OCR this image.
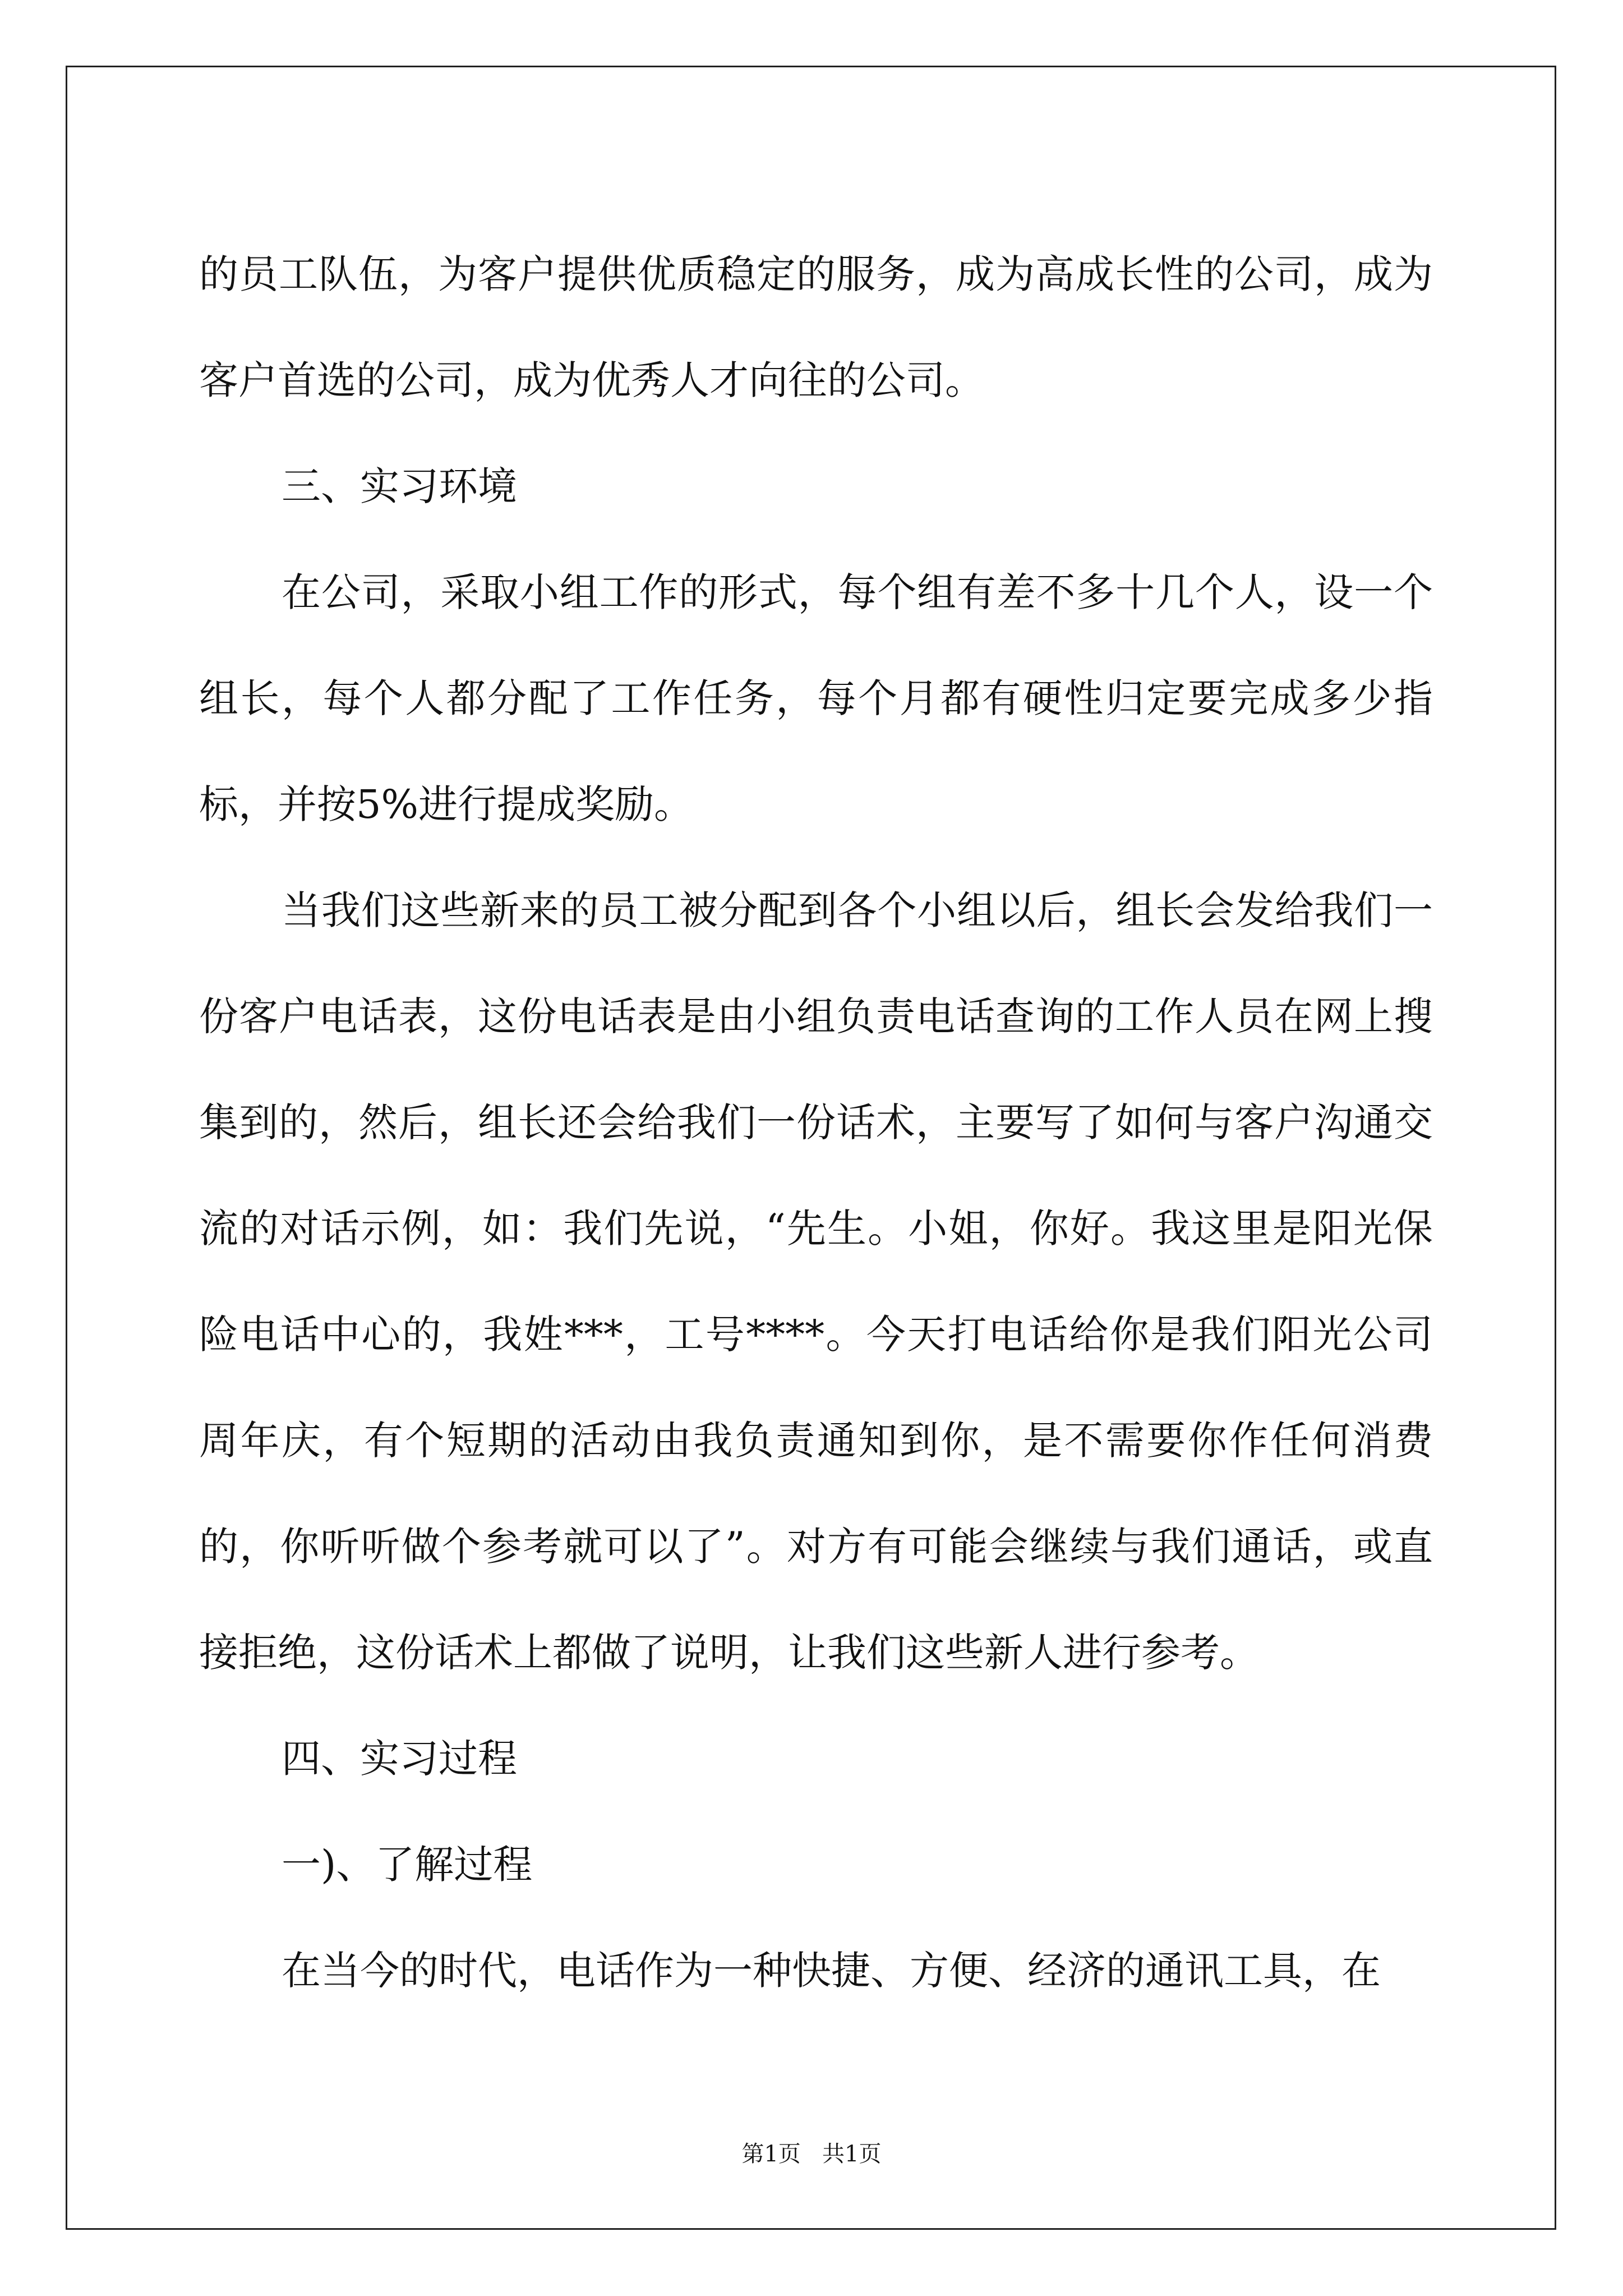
的员工队伍，为客户提供优质稳定的服务，成为高成长性的公司，成为客户首选的公司，成为优秀人才向往的公司。

三、实习环境

在公司，采取小组工作的形式，每个组有差不多十几个人，设一个组长，每个人都分配了工作任务，每个月都有硬性归定要完成多少指标，并按5%进行提成奖励。

当我们这些新来的员工被分配到各个小组以后，组长会发给我们一份客户电话表，这份电话表是由小组负责电话查询的工作人员在网上搜集到的，然后，组长还会给我们一份话术，主要写了如何与客户沟通交流的对话示例，如：我们先说，“先生。小姐，你好。我这里是阳光保险电话中心的，我姓***，工号****。今天打电话给你是我们阳光公司周年庆，有个短期的活动由我负责通知到你，是不需要你作任何消费的，你听听做个参考就可以了”。对方有可能会继续与我们通话，或直接拒绝，这份话术上都做了说明，让我们这些新人进行参考。

四、实习过程

一)、了解过程

在当今的时代，电话作为一种快捷、方便、经济的通讯工具，在

第1页   共1页
